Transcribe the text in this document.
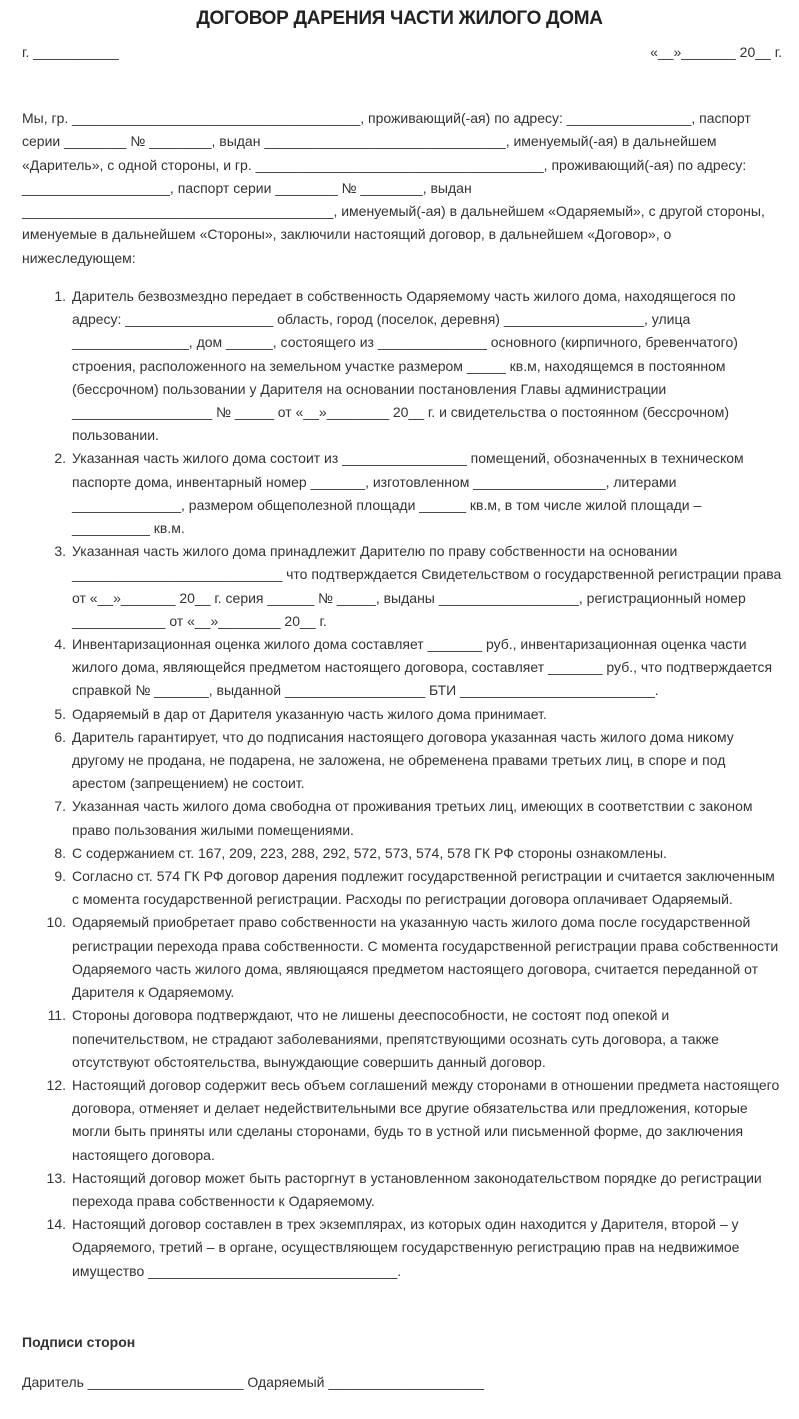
ДОГОВОР ДАРЕНИЯ ЧАСТИ ЖИЛОГО ДОМА
г. ___________	«__»_______ 20__ г.

Мы, гр. _____________________________________, проживающий(-ая) по адресу: ________________, паспорт серии ________ № ________, выдан _______________________________, именуемый(-ая) в дальнейшем «Даритель», с одной стороны, и гр. _____________________________________, проживающий(-ая) по адресу: ___________________, паспорт серии ________ № ________, выдан ________________________________________, именуемый(-ая) в дальнейшем «Одаряемый», с другой стороны, именуемые в дальнейшем «Стороны», заключили настоящий договор, в дальнейшем «Договор», о нижеследующем:

1. Даритель безвозмездно передает в собственность Одаряемому часть жилого дома, находящегося по адресу: ___________________ область, город (поселок, деревня) __________________, улица _______________, дом ______, состоящего из ______________ основного (кирпичного, бревенчатого) строения, расположенного на земельном участке размером _____ кв.м, находящемся в постоянном (бессрочном) пользовании у Дарителя на основании постановления Главы администрации __________________ № _____ от «__»________ 20__ г. и свидетельства о постоянном (бессрочном) пользовании.
2. Указанная часть жилого дома состоит из ________________ помещений, обозначенных в техническом паспорте дома, инвентарный номер _______, изготовленном _________________, литерами ______________, размером общеполезной площади ______ кв.м, в том числе жилой площади – __________ кв.м.
3. Указанная часть жилого дома принадлежит Дарителю по праву собственности на основании ___________________________ что подтверждается Свидетельством о государственной регистрации права от «__»_______ 20__ г. серия ______ № _____, выданы __________________, регистрационный номер ____________ от «__»________ 20__ г.
4. Инвентаризационная оценка жилого дома составляет _______ руб., инвентаризационная оценка части жилого дома, являющейся предметом настоящего договора, составляет _______ руб., что подтверждается справкой № _______, выданной __________________ БТИ _________________________.
5. Одаряемый в дар от Дарителя указанную часть жилого дома принимает.
6. Даритель гарантирует, что до подписания настоящего договора указанная часть жилого дома никому другому не продана, не подарена, не заложена, не обременена правами третьих лиц, в споре и под арестом (запрещением) не состоит.
7. Указанная часть жилого дома свободна от проживания третьих лиц, имеющих в соответствии с законом право пользования жилыми помещениями.
8. С содержанием ст. 167, 209, 223, 288, 292, 572, 573, 574, 578 ГК РФ стороны ознакомлены.
9. Согласно ст. 574 ГК РФ договор дарения подлежит государственной регистрации и считается заключенным с момента государственной регистрации. Расходы по регистрации договора оплачивает Одаряемый.
10. Одаряемый приобретает право собственности на указанную часть жилого дома после государственной регистрации перехода права собственности. С момента государственной регистрации права собственности Одаряемого часть жилого дома, являющаяся предметом настоящего договора, считается переданной от Дарителя к Одаряемому.
11. Стороны договора подтверждают, что не лишены дееспособности, не состоят под опекой и попечительством, не страдают заболеваниями, препятствующими осознать суть договора, а также отсутствуют обстоятельства, вынуждающие совершить данный договор.
12. Настоящий договор содержит весь объем соглашений между сторонами в отношении предмета настоящего договора, отменяет и делает недействительными все другие обязательства или предложения, которые могли быть приняты или сделаны сторонами, будь то в устной или письменной форме, до заключения настоящего договора.
13. Настоящий договор может быть расторгнут в установленном законодательством порядке до регистрации перехода права собственности к Одаряемому.
14. Настоящий договор составлен в трех экземплярах, из которых один находится у Дарителя, второй – у Одаряемого, третий – в органе, осуществляющем государственную регистрацию прав на недвижимое имущество ________________________________.
Подписи сторон
Даритель ____________________ Одаряемый ____________________
